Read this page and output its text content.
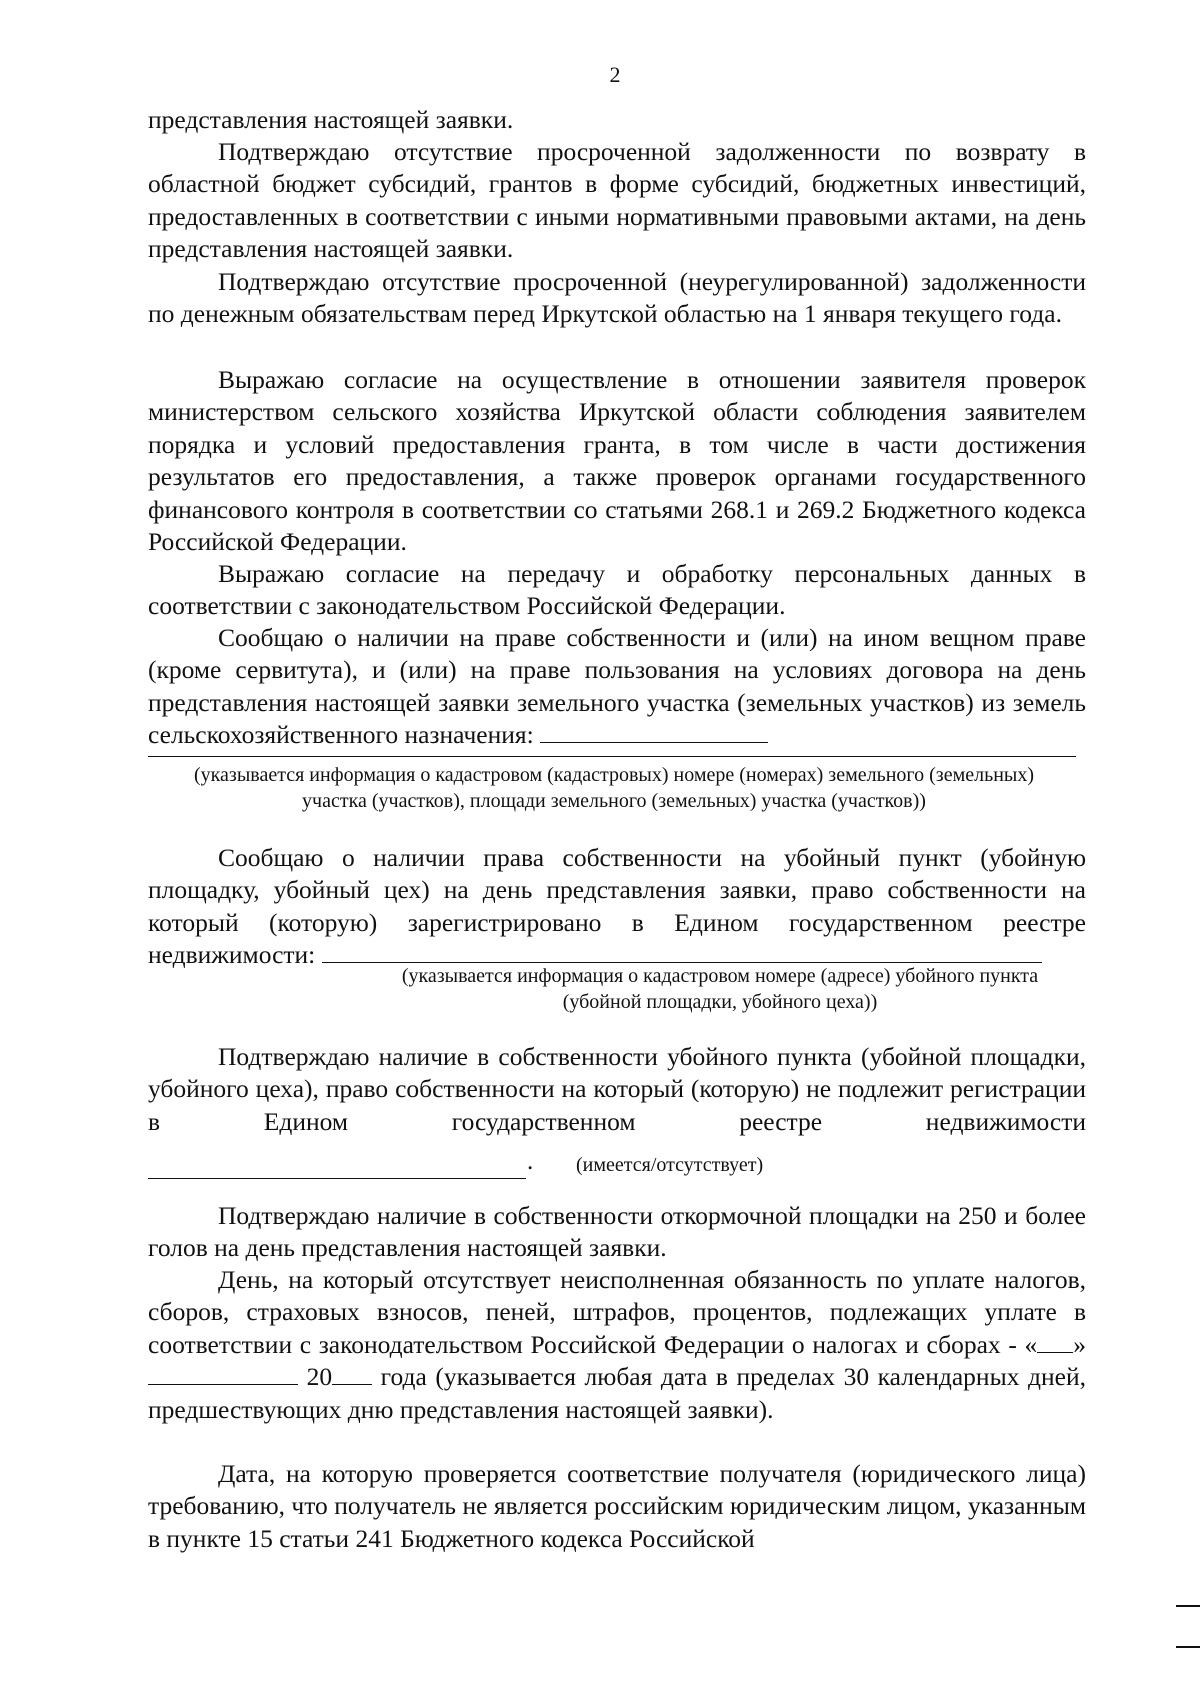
2

представления настоящей заявки.

Подтверждаю отсутствие просроченной задолженности по возврату в областной бюджет субсидий, грантов в форме субсидий, бюджетных инвестиций, предоставленных в соответствии с иными нормативными правовыми актами, на день представления настоящей заявки.

Подтверждаю отсутствие просроченной (неурегулированной) задолженности по денежным обязательствам перед Иркутской областью на 1 января текущего года.

Выражаю согласие на осуществление в отношении заявителя проверок министерством сельского хозяйства Иркутской области соблюдения заявителем порядка и условий предоставления гранта, в том числе в части достижения результатов его предоставления, а также проверок органами государственного финансового контроля в соответствии со статьями 268.1 и 269.2 Бюджетного кодекса Российской Федерации.

Выражаю согласие на передачу и обработку персональных данных в соответствии с законодательством Российской Федерации.

Сообщаю о наличии на праве собственности и (или) на ином вещном праве (кроме сервитута), и (или) на праве пользования на условиях договора на день представления настоящей заявки земельного участка (земельных участков) из земель сельскохозяйственного назначения:

(указывается информация о кадастровом (кадастровых) номере (номерах) земельного (земельных) участка (участков), площади земельного (земельных) участка (участков))

Сообщаю о наличии права собственности на убойный пункт (убойную площадку, убойный цех) на день представления заявки, право собственности на который (которую) зарегистрировано в Едином государственном реестре недвижимости:

(указывается информация о кадастровом номере (адресе) убойного пункта (убойной площадки, убойного цеха))

Подтверждаю наличие в собственности убойного пункта (убойной площадки, убойного цеха), право собственности на который (которую) не подлежит регистрации в Едином государственном реестре недвижимости

. (имеется/отсутствует)

Подтверждаю наличие в собственности откормочной площадки на 250 и более голов на день представления настоящей заявки.

День, на который отсутствует неисполненная обязанность по уплате налогов, сборов, страховых взносов, пеней, штрафов, процентов, подлежащих уплате в соответствии с законодательством Российской Федерации о налогах и сборах - « »  20 года (указывается любая дата в пределах 30 календарных дней, предшествующих дню представления настоящей заявки).

Дата, на которую проверяется соответствие получателя (юридического лица) требованию, что получатель не является российским юридическим лицом, указанным в пункте 15 статьи 241 Бюджетного кодекса Российской
